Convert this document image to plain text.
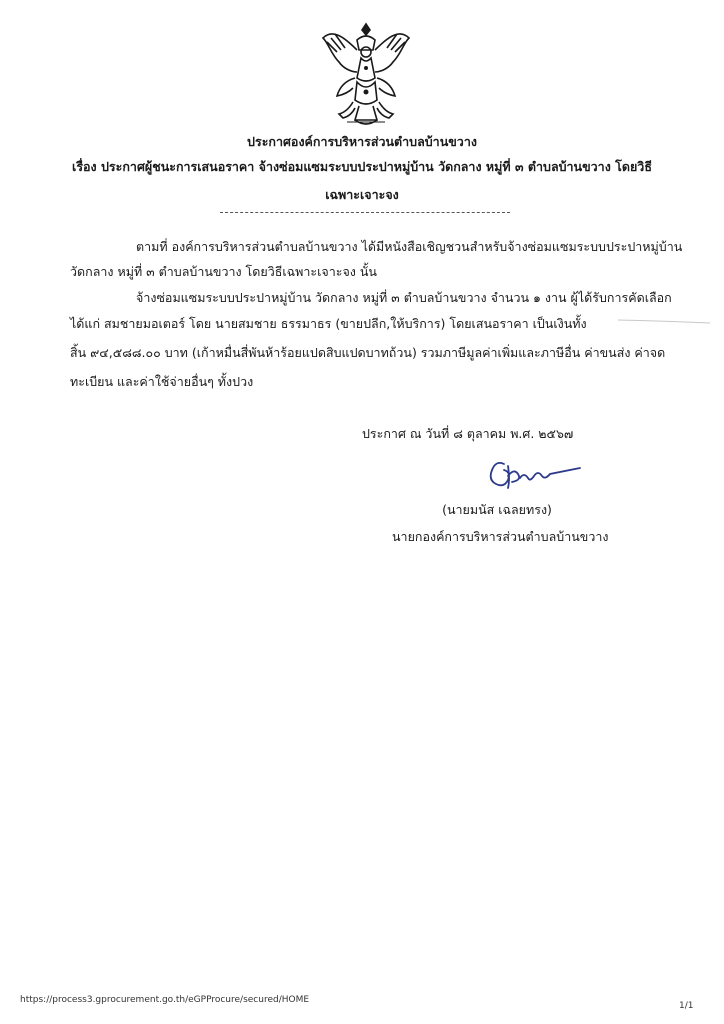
ประกาศองค์การบริหารส่วนตำบลบ้านขวาง
เรื่อง ประกาศผู้ชนะการเสนอราคา จ้างซ่อมแซมระบบประปาหมู่บ้าน วัดกลาง หมู่ที่ ๓ ตำบลบ้านขวาง โดยวิธี
เฉพาะเจาะจง
ตามที่ องค์การบริหารส่วนตำบลบ้านขวาง ได้มีหนังสือเชิญชวนสำหรับจ้างซ่อมแซมระบบประปาหมู่บ้าน
วัดกลาง หมู่ที่ ๓ ตำบลบ้านขวาง โดยวิธีเฉพาะเจาะจง นั้น
จ้างซ่อมแซมระบบประปาหมู่บ้าน วัดกลาง หมู่ที่ ๓ ตำบลบ้านขวาง จำนวน ๑ งาน ผู้ได้รับการคัดเลือก
ได้แก่ สมชายมอเตอร์ โดย นายสมชาย ธรรมาธร (ขายปลีก,ให้บริการ) โดยเสนอราคา เป็นเงินทั้ง
สิ้น ๙๔,๕๘๘.๐๐ บาท (เก้าหมื่นสี่พันห้าร้อยแปดสิบแปดบาทถ้วน) รวมภาษีมูลค่าเพิ่มและภาษีอื่น ค่าขนส่ง ค่าจด
ทะเบียน และค่าใช้จ่ายอื่นๆ ทั้งปวง
ประกาศ ณ วันที่ ๘ ตุลาคม พ.ศ. ๒๕๖๗
(นายมนัส เฉลยทรง)
นายกองค์การบริหารส่วนตำบลบ้านขวาง
https://process3.gprocurement.go.th/eGPProcure/secured/HOME
1/1
